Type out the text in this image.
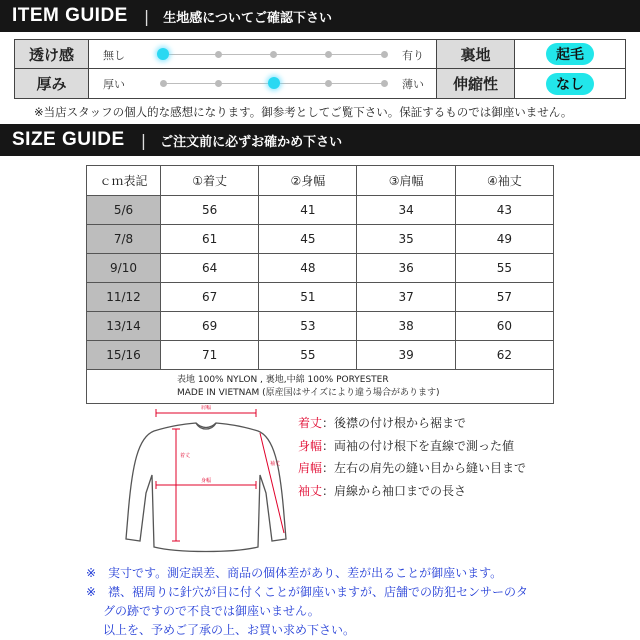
ITEM GUIDE | 生地感についてご確認下さい
透け感	無し	有り	裏地	起毛
厚み	厚い	薄い	伸縮性	なし
※当店スタッフの個人的な感想になります。御参考としてご覧下さい。保証するものでは御座いません。
SIZE GUIDE | ご注文前に必ずお確かめ下さい
ｃｍ表記	①着丈	②身幅	③肩幅	④袖丈
5/6	56	41	34	43
7/8	61	45	35	49
9/10	64	48	36	55
11/12	67	51	37	57
13/14	69	53	38	60
15/16	71	55	39	62

表地 100% NYLON , 裏地,中綿 100% PORYESTER
MADE IN VIETNAM (原産国はサイズにより違う場合があります)				
肩幅
着丈
身幅
袖丈
着丈：後襟の付け根から裾まで
身幅：両袖の付け根下を直線で測った値
肩幅：左右の肩先の縫い目から縫い目まで
袖丈：肩線から袖口までの長さ
※　実寸です。測定誤差、商品の個体差があり、差が出ることが御座います。
※　襟、裾周りに針穴が目に付くことが御座いますが、店舗での防犯センサーのタ
グの跡ですので不良では御座いません。
以上を、予めご了承の上、お買い求め下さい。
